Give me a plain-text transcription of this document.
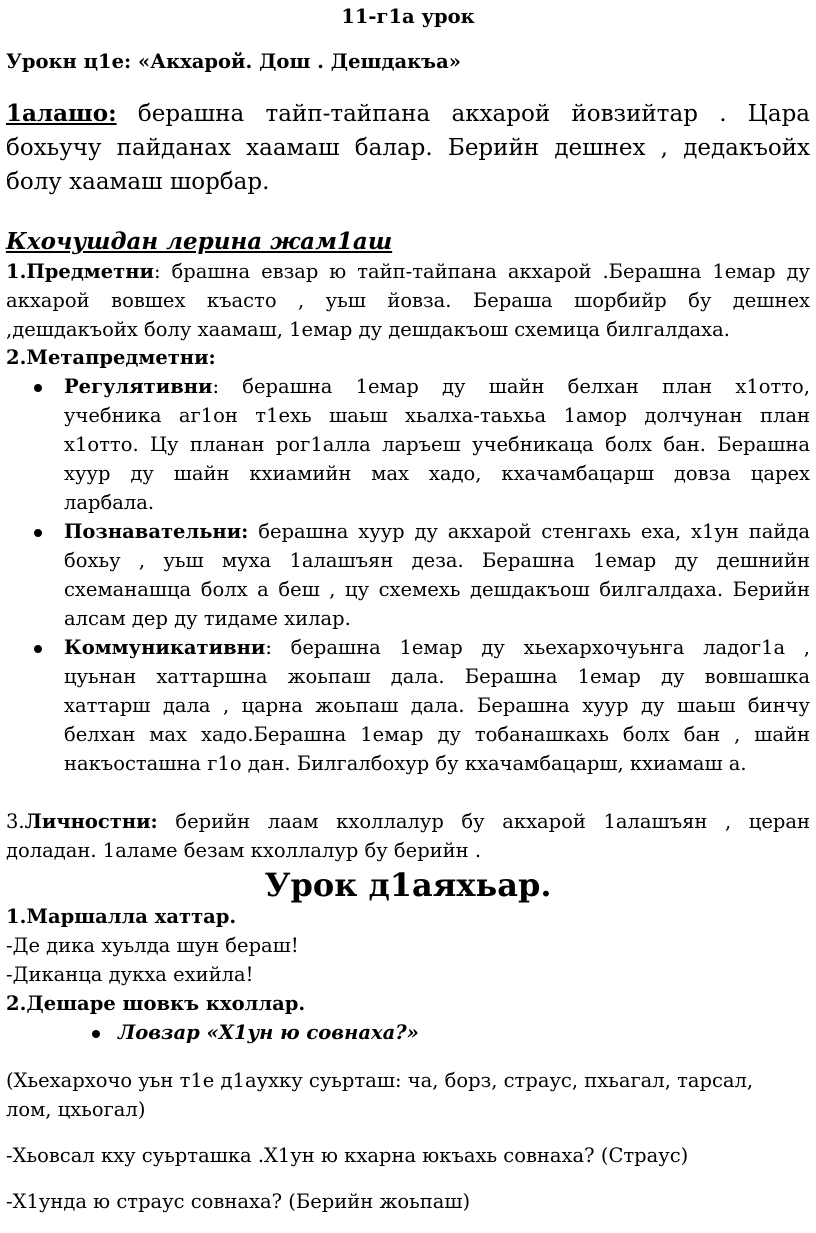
11-г1а урок
Урокн ц1е: «Акхарой. Дош . Дешдакъа»
1алашо: берашна тайп-тайпана акхарой йовзийтар . Цара
бохьучу пайданах хаамаш балар. Берийн дешнех , дедакъойх
болу хаамаш шорбар.
Кхочушдан лерина жам1аш
1.Предметни: брашна евзар ю тайп-тайпана акхарой .Берашна 1емар ду
акхарой вовшех къасто , уьш йовза. Бераша шорбийр бу дешнех
,дешдакъойх болу хаамаш, 1емар ду дешдакъош схемица билгалдаха.
2.Метапредметни:
Регулятивни: берашна 1емар ду шайн белхан план х1отто,
учебника аг1он т1ехь шаьш хьалха-таьхьа 1амор долчунан план
х1отто. Цу планан рог1алла ларъеш учебникаца болх бан. Берашна
хуур ду шайн кхиамийн мах хадо, кхачамбацарш довза царех
ларбала.
Познавательни: берашна хуур ду акхарой стенгахь еха, х1ун пайда
бохьу , уьш муха 1алашъян деза. Берашна 1емар ду дешнийн
схеманашца болх а беш , цу схемехь дешдакъош билгалдаха. Берийн
алсам дер ду тидаме хилар.
Коммуникативни: берашна 1емар ду хьехархочуьнга ладог1а ,
цуьнан хаттаршна жоьпаш дала. Берашна 1емар ду вовшашка
хаттарш дала , царна жоьпаш дала. Берашна хуур ду шаьш бинчу
белхан мах хадо.Берашна 1емар ду тобанашкахь болх бан , шайн
накъосташна г1о дан. Билгалбохур бу кхачамбацарш, кхиамаш а.
3.Личностни: берийн лаам кхоллалур бу акхарой 1алашъян , церан
доладан. 1аламе безам кхоллалур бу берийн .
Урок д1аяхьар.
1.Маршалла хаттар.
-Де дика хуьлда шун бераш!
-Диканца дукха ехийла!
2.Дешаре шовкъ кхоллар.
Ловзар «Х1ун ю совнаха?»
(Хьехархочо уьн т1е д1аухку суьрташ: ча, борз, страус, пхьагал, тарсал,
лом, цхьогал)
-Хьовсал кху суьрташка .Х1ун ю кхарна юкъахь совнаха? (Страус)
-Х1унда ю страус совнаха? (Берийн жоьпаш)
